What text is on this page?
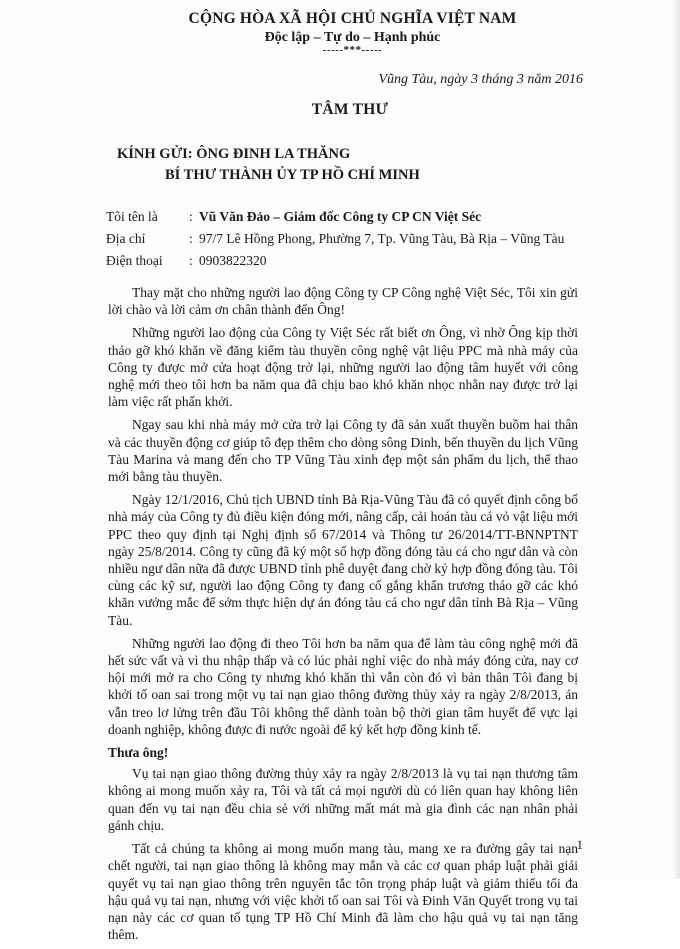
CỘNG HÒA XÃ HỘI CHỦ NGHĨA VIỆT NAM
Độc lập – Tự do – Hạnh phúc
-----***-----
Vũng Tàu, ngày 3 tháng 3 năm 2016
TÂM THƯ
KÍNH GỬI: ÔNG ĐINH LA THĂNG
BÍ THƯ THÀNH ỦY TP HỒ CHÍ MINH
Tôi tên là	: Vũ Văn Đảo – Giám đốc Công ty CP CN Việt Séc
Địa chỉ	: 97/7 Lê Hồng Phong, Phường 7, Tp. Vũng Tàu, Bà Rịa – Vũng Tàu
Điện thoại	: 0903822320

Thay mặt cho những người lao động Công ty CP Công nghệ Việt Séc, Tôi xin gửi lời chào và lời cảm ơn chân thành đến Ông!

Những người lao động của Công ty Việt Séc rất biết ơn Ông, vì nhờ Ông kịp thời tháo gỡ khó khăn về đăng kiểm tàu thuyền công nghệ vật liệu PPC mà nhà máy của Công ty được mở cửa hoạt động trở lại, những người lao động tâm huyết với công nghệ mới theo tôi hơn ba năm qua đã chịu bao khó khăn nhọc nhằn nay được trở lại làm việc rất phấn khởi.

Ngay sau khi nhà máy mở cửa trở lại Công ty đã sản xuất thuyền buồm hai thân và các thuyền động cơ giúp tô đẹp thêm cho dòng sông Dinh, bến thuyền du lịch Vũng Tàu Marina và mang đến cho TP Vũng Tàu xinh đẹp một sản phẩm du lịch, thể thao mới bằng tàu thuyền.

Ngày 12/1/2016, Chủ tịch UBND tỉnh Bà Rịa-Vũng Tàu đã có quyết định công bố nhà máy của Công ty đủ điều kiện đóng mới, nâng cấp, cải hoán tàu cá vỏ vật liệu mới PPC theo quy định tại Nghị định số 67/2014 và Thông tư 26/2014/TT-BNNPTNT ngày 25/8/2014. Công ty cũng đã ký một số hợp đồng đóng tàu cá cho ngư dân và còn nhiều ngư dân nữa đã được UBND tỉnh phê duyệt đang chờ ký hợp đồng đóng tàu. Tôi cùng các kỹ sư, người lao động Công ty đang cố gắng khẩn trương tháo gỡ các khó khăn vướng mắc để sớm thực hiện dự án đóng tàu cá cho ngư dân tỉnh Bà Rịa – Vũng Tàu.

Những người lao động đi theo Tôi hơn ba năm qua để làm tàu công nghệ mới đã hết sức vất và vì thu nhập thấp và có lúc phải nghỉ việc do nhà máy đóng cửa, nay cơ hội mới mở ra cho Công ty nhưng khó khăn thì vẫn còn đó vì bản thân Tôi đang bị khởi tố oan sai trong một vụ tai nạn giao thông đường thủy xảy ra ngày 2/8/2013, án vẫn treo lơ lửng trên đầu Tôi không thể dành toàn bộ thời gian tâm huyết để vực lại doanh nghiệp, không được đi nước ngoài để ký kết hợp đồng kinh tế.

Thưa ông!

Vụ tai nạn giao thông đường thủy xảy ra ngày 2/8/2013 là vụ tai nạn thương tâm không ai mong muốn xảy ra, Tôi và tất cả mọi người dù có liên quan hay không liên quan đến vụ tai nạn đều chia sẻ với những mất mát mà gia đình các nạn nhân phải gánh chịu.

Tất cả chúng ta không ai mong muốn mang tàu, mang xe ra đường gây tai nạn chết người, tai nạn giao thông là không may mắn và các cơ quan pháp luật phải giải quyết vụ tai nạn giao thông trên nguyên tắc tôn trọng pháp luật và giảm thiểu tối đa hậu quả vụ tai nạn, nhưng với việc khởi tố oan sai Tôi và Đinh Văn Quyết trong vụ tai nạn này các cơ quan tố tụng TP Hồ Chí Minh đã làm cho hậu quả vụ tai nạn tăng thêm.

1
